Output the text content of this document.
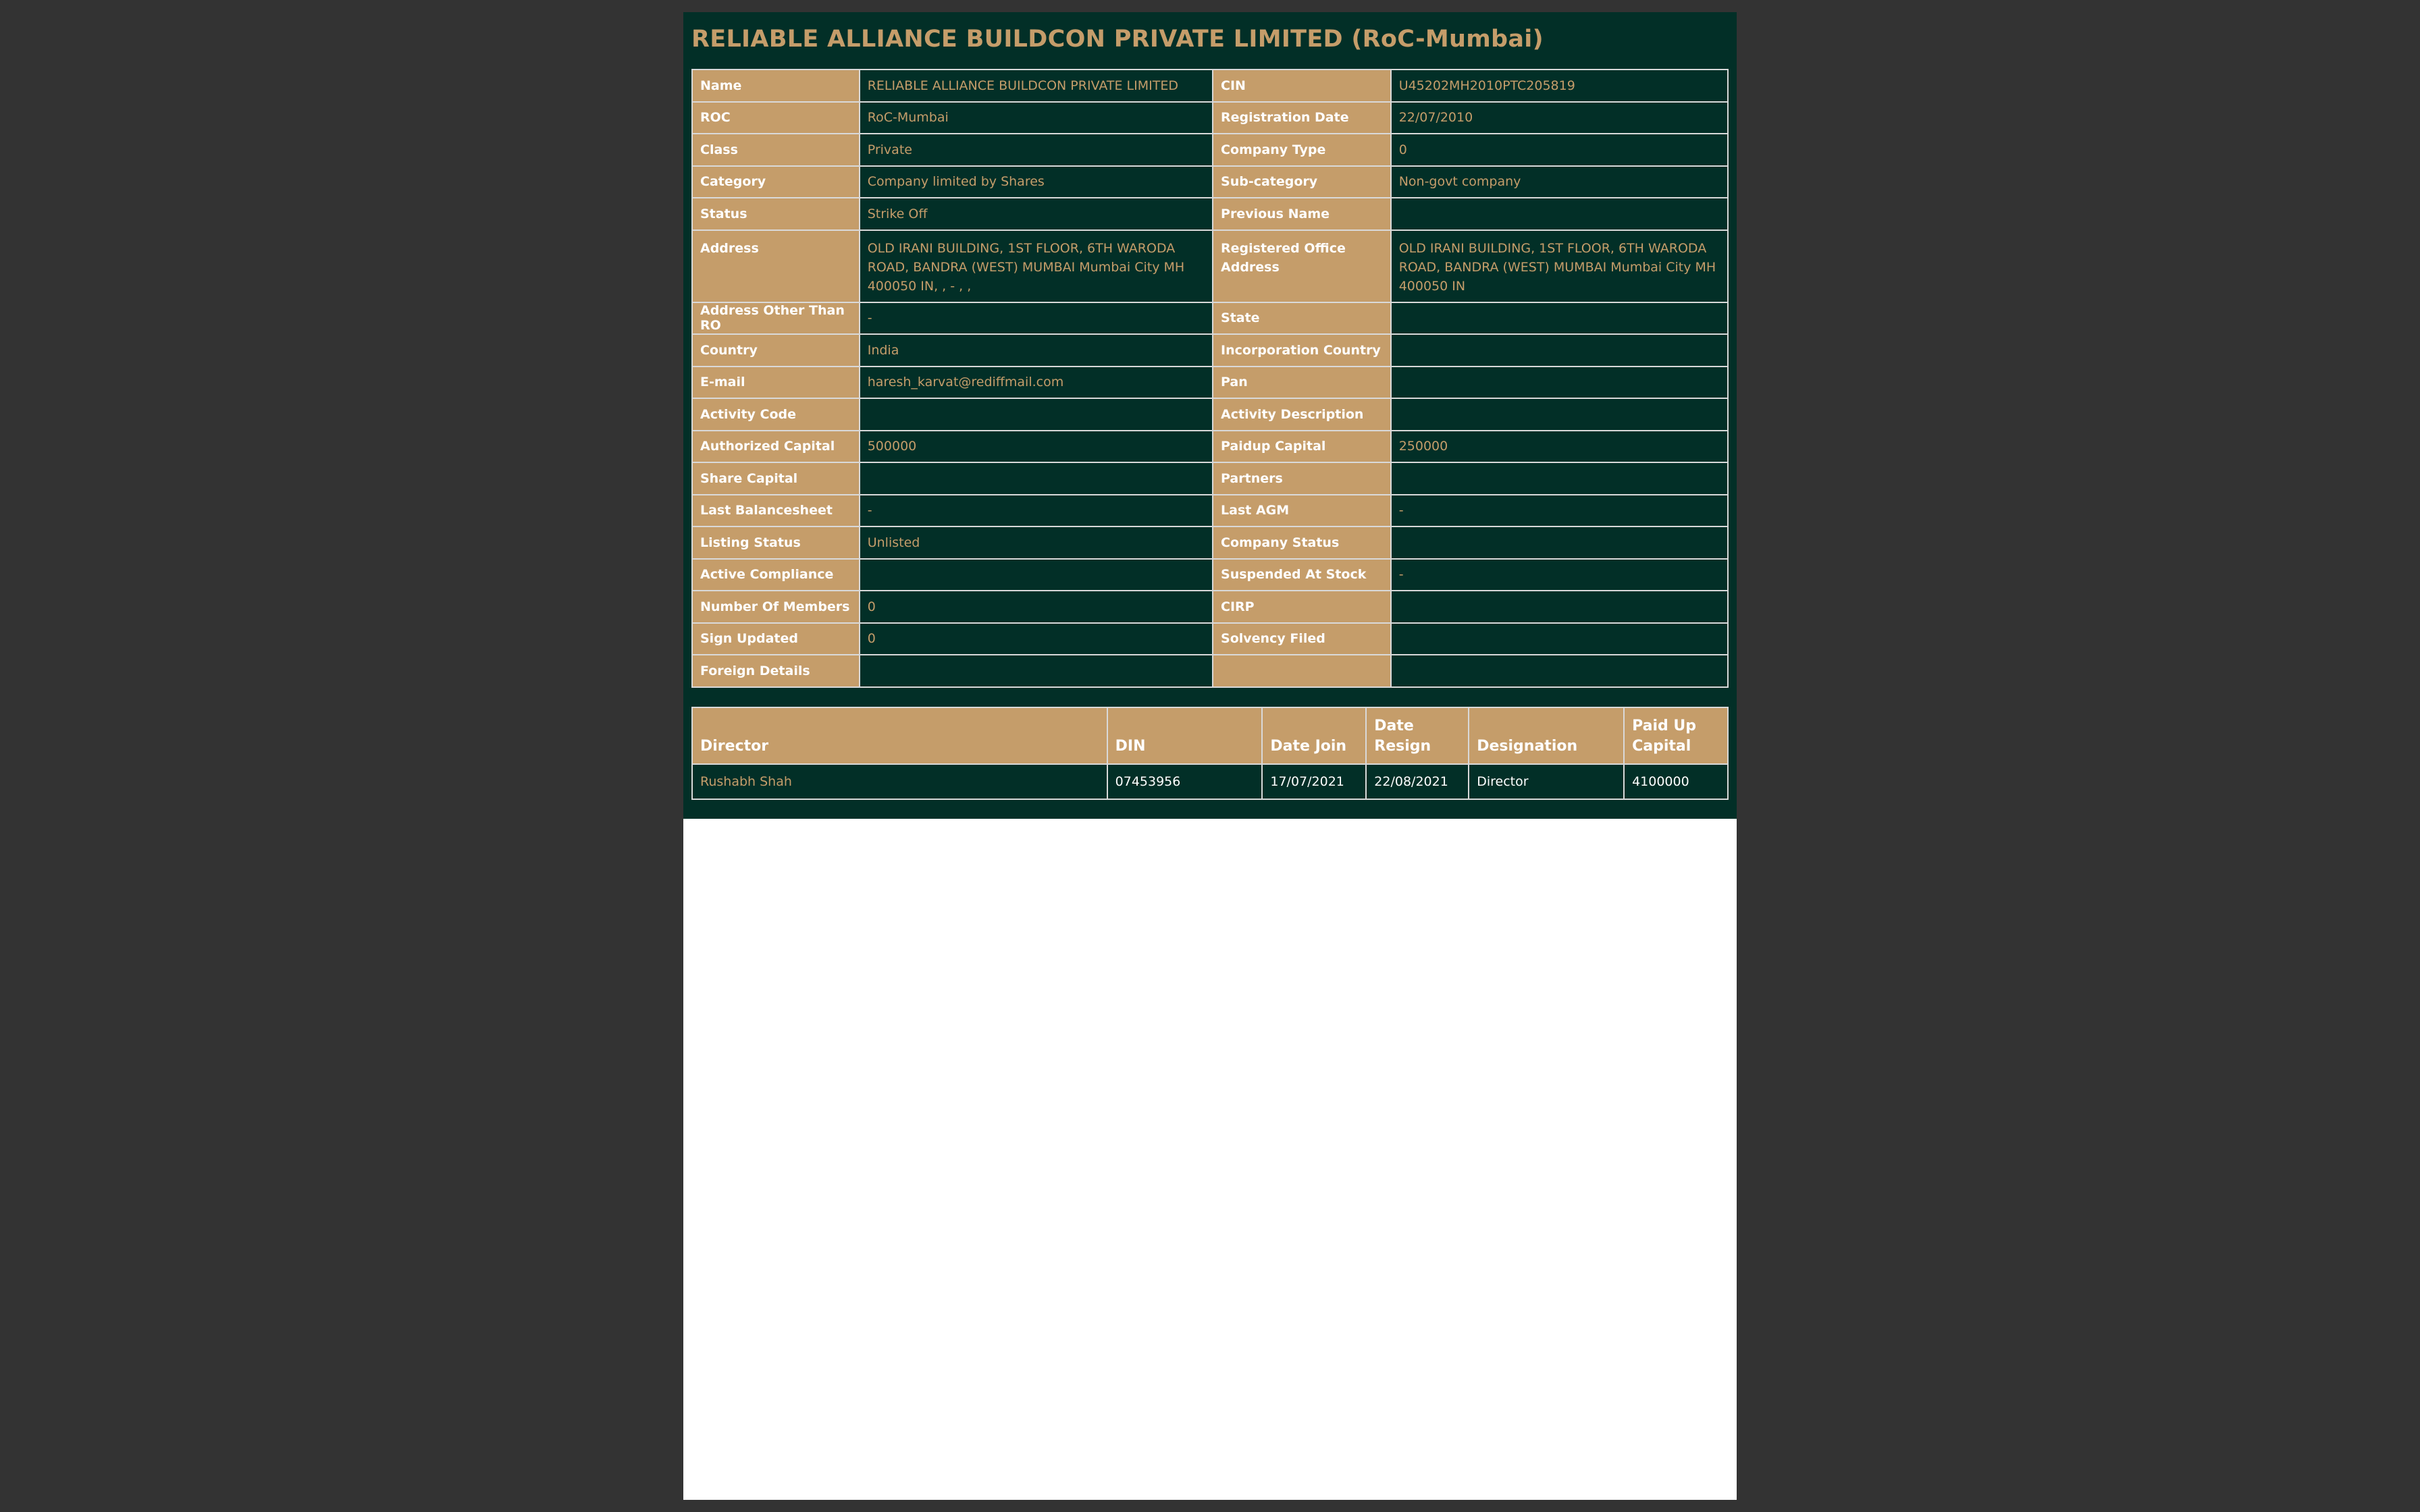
RELIABLE ALLIANCE BUILDCON PRIVATE LIMITED (RoC-Mumbai)
Name	RELIABLE ALLIANCE BUILDCON PRIVATE LIMITED	CIN	U45202MH2010PTC205819
ROC	RoC-Mumbai	Registration Date	22/07/2010
Class	Private	Company Type	0
Category	Company limited by Shares	Sub-category	Non-govt company
Status	Strike Off	Previous Name	
Address	OLD IRANI BUILDING, 1ST FLOOR, 6TH WARODA ROAD, BANDRA (WEST) MUMBAI Mumbai City MH 400050 IN, , - , ,	Registered Office Address	OLD IRANI BUILDING, 1ST FLOOR, 6TH WARODA ROAD, BANDRA (WEST) MUMBAI Mumbai City MH 400050 IN
Address Other Than RO	-	State	
Country	India	Incorporation Country	
E-mail	haresh_karvat@rediffmail.com	Pan	
Activity Code		Activity Description	
Authorized Capital	500000	Paidup Capital	250000
Share Capital		Partners	
Last Balancesheet	-	Last AGM	-
Listing Status	Unlisted	Company Status	
Active Compliance		Suspended At Stock	-
Number Of Members	0	CIRP	
Sign Updated	0	Solvency Filed	
Foreign Details			
Director	DIN	Date Join	Date Resign	Designation	Paid Up Capital
Rushabh Shah	07453956	17/07/2021	22/08/2021	Director	4100000
